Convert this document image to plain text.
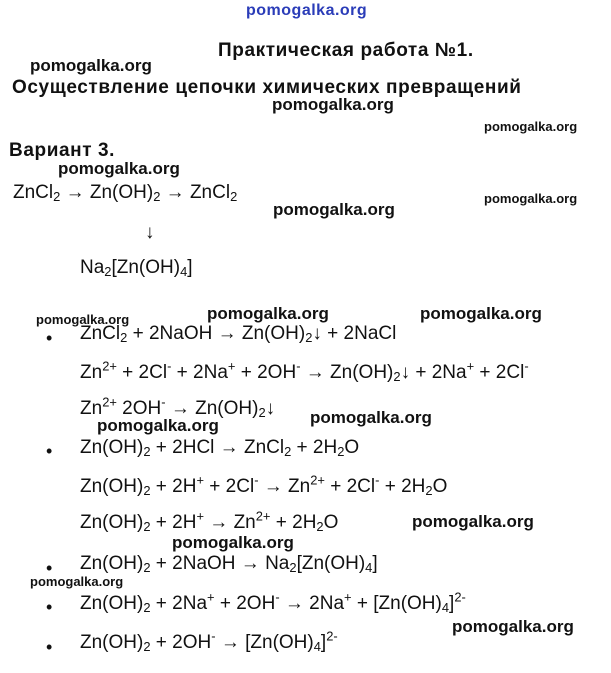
pomogalka.org
pomogalka.org
pomogalka.org
pomogalka.org
pomogalka.org
pomogalka.org
pomogalka.org
pomogalka.org	pomogalka.org
pomogalka.org
pomogalka.org
pomogalka.org
pomogalka.org
pomogalka.org
pomogalka.org
pomogalka.org
Практическая работа №1.
Осуществление цепочки химических превращений
Вариант 3.
ZnCl$_2$ → $Zn(OH)_2$ → ZnCl$_2$
↓
$Na_2[Zn(OH)_4]$
• ZnCl$_2$ + 2NaOH → $Zn(OH)_2↓$ + 2NaCl
$Zn^{2+} + 2Cl^- + 2Na^+ + 2OH^-$ → $Zn(OH)_2↓ + 2Na^+ + 2Cl^-$
$Zn^{2+}$ $2OH^- \to Zn(OH)_2↓$
• $Zn(OH)_2 + 2HCl$ → ZnCl$_2$ + $2H_2O$
$Zn(OH)_2 + 2H^+ + 2Cl^- \to Zn^{2+} + 2Cl^- + 2H_2O$
$Zn(OH)_2 + 2H^+ \to Zn^{2+} + 2H_2O$
• $Zn(OH)_2$ + 2NaOH → $Na_2[Zn(OH)_4]$
• $Zn(OH)_2 + 2Na^+ + 2OH^- \to 2Na^+ + [Zn(OH)_4]^{2-}$
• $Zn(OH)_2 + 2OH^- \to [Zn(OH)_4]^{2-}$
